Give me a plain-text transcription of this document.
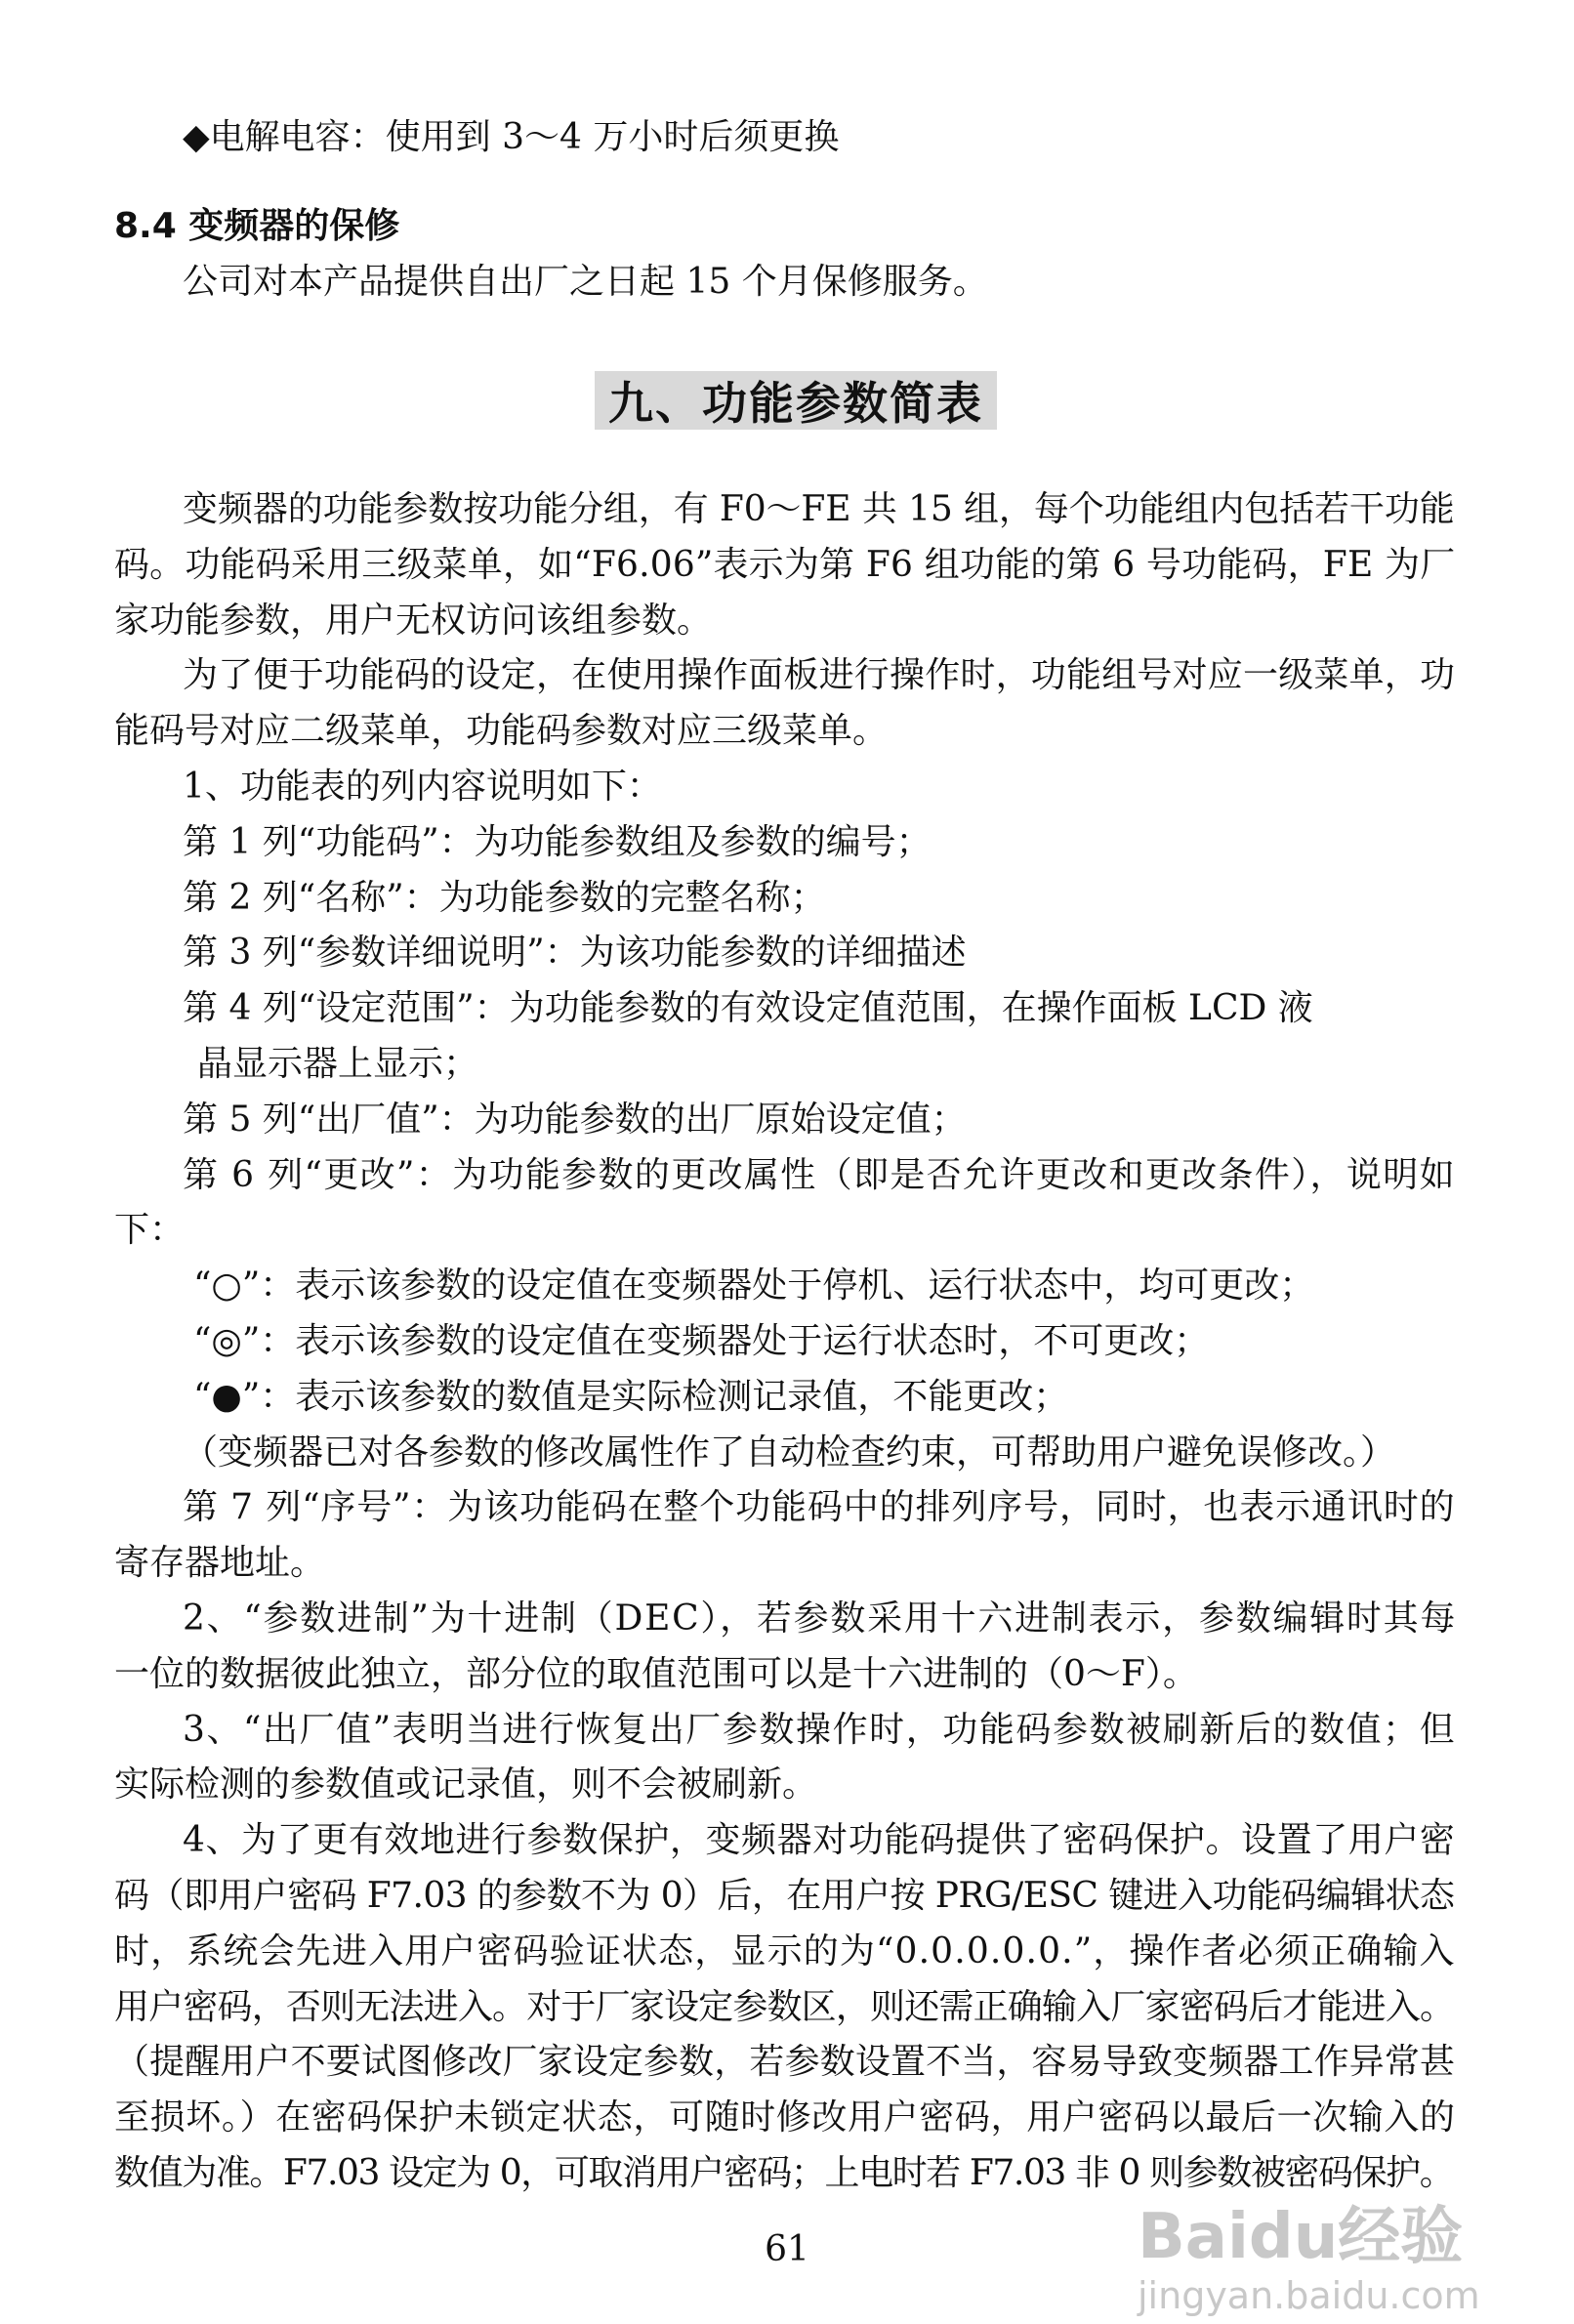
◆电解电容：使用到 3～4 万小时后须更换
8.4 变频器的保修
公司对本产品提供自出厂之日起 15 个月保修服务。
九、功能参数简表
变频器的功能参数按功能分组，有 F0～FE 共 15 组，每个功能组内包括若干功能
码。功能码采用三级菜单，如“F6.06”表示为第 F6 组功能的第 6 号功能码，FE 为厂
家功能参数，用户无权访问该组参数。
为了便于功能码的设定，在使用操作面板进行操作时，功能组号对应一级菜单，功
能码号对应二级菜单，功能码参数对应三级菜单。
1、功能表的列内容说明如下：
第 1 列“功能码”：为功能参数组及参数的编号；
第 2 列“名称”：为功能参数的完整名称；
第 3 列“参数详细说明”：为该功能参数的详细描述
第 4 列“设定范围”：为功能参数的有效设定值范围，在操作面板 LCD 液
晶显示器上显示；
第 5 列“出厂值”：为功能参数的出厂原始设定值；
第 6 列“更改”：为功能参数的更改属性（即是否允许更改和更改条件），说明如
下：
“○”：表示该参数的设定值在变频器处于停机、运行状态中，均可更改；
“◎”：表示该参数的设定值在变频器处于运行状态时，不可更改；
“●”：表示该参数的数值是实际检测记录值，不能更改；
（变频器已对各参数的修改属性作了自动检查约束，可帮助用户避免误修改。）
第 7 列“序号”：为该功能码在整个功能码中的排列序号，同时，也表示通讯时的
寄存器地址。
2、“参数进制”为十进制（DEC），若参数采用十六进制表示，参数编辑时其每
一位的数据彼此独立，部分位的取值范围可以是十六进制的（0～F）。
3、“出厂值”表明当进行恢复出厂参数操作时，功能码参数被刷新后的数值；但
实际检测的参数值或记录值，则不会被刷新。
4、为了更有效地进行参数保护，变频器对功能码提供了密码保护。设置了用户密
码（即用户密码 F7.03 的参数不为 0）后，在用户按 PRG/ESC 键进入功能码编辑状态
时，系统会先进入用户密码验证状态，显示的为“0.0.0.0.0.”，操作者必须正确输入
用户密码，否则无法进入。对于厂家设定参数区，则还需正确输入厂家密码后才能进入。
（提醒用户不要试图修改厂家设定参数，若参数设置不当，容易导致变频器工作异常甚
至损坏。）在密码保护未锁定状态，可随时修改用户密码，用户密码以最后一次输入的
数值为准。F7.03 设定为 0，可取消用户密码；上电时若 F7.03 非 0 则参数被密码保护。
61	Baidu经验
jingyan.baidu.com
